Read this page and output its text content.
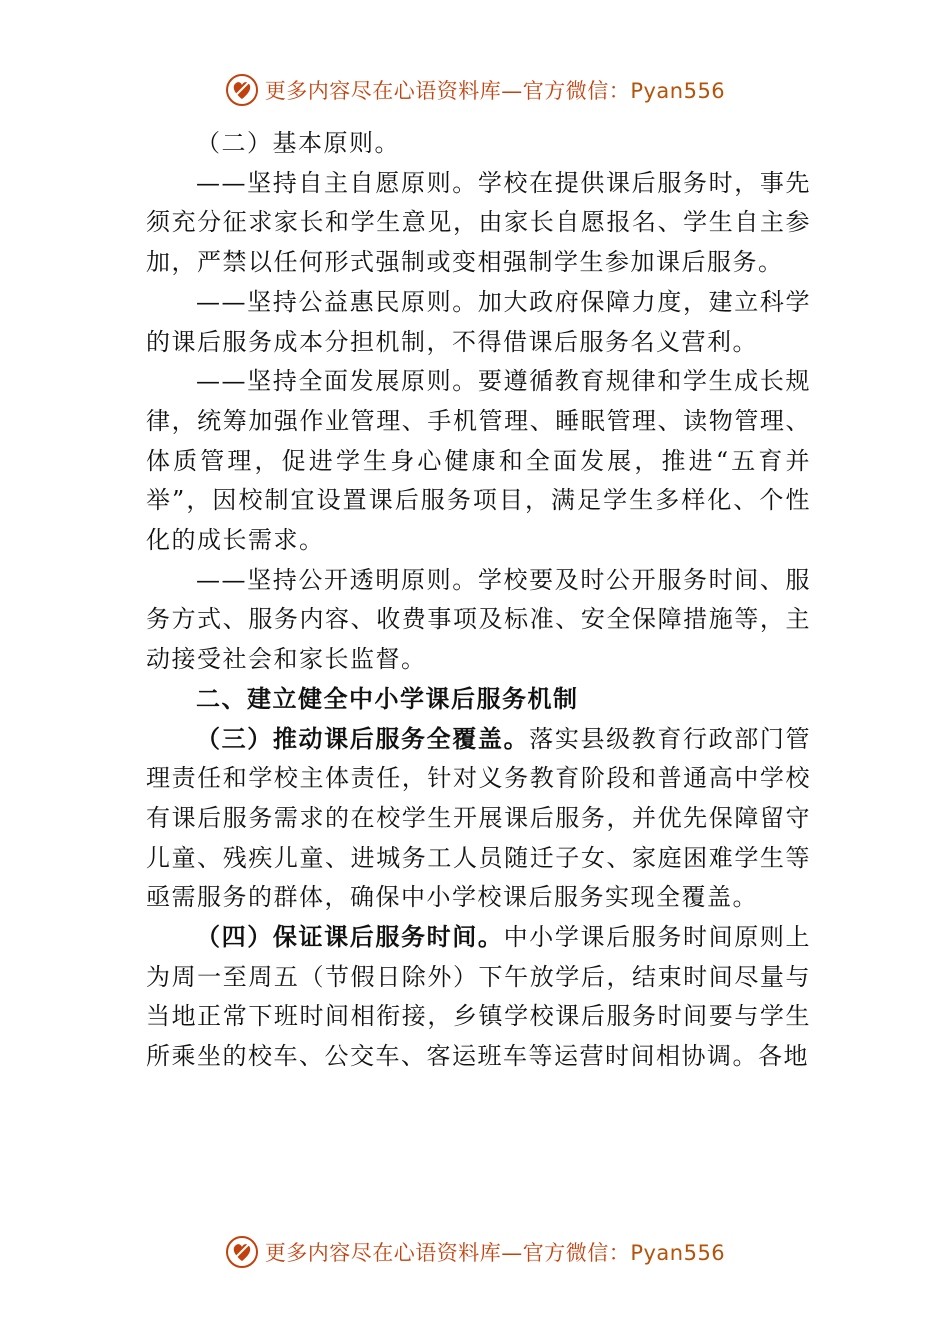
更多内容尽在心语资料库—官方微信：Pyan556

（二）基本原则。

——坚持自主自愿原则。学校在提供课后服务时，事先须充分征求家长和学生意见，由家长自愿报名、学生自主参加，严禁以任何形式强制或变相强制学生参加课后服务。

——坚持公益惠民原则。加大政府保障力度，建立科学的课后服务成本分担机制，不得借课后服务名义营利。

——坚持全面发展原则。要遵循教育规律和学生成长规律，统筹加强作业管理、手机管理、睡眠管理、读物管理、体质管理，促进学生身心健康和全面发展，推进“五育并举”，因校制宜设置课后服务项目，满足学生多样化、个性化的成长需求。

——坚持公开透明原则。学校要及时公开服务时间、服务方式、服务内容、收费事项及标准、安全保障措施等，主动接受社会和家长监督。

二、建立健全中小学课后服务机制

（三）推动课后服务全覆盖。落实县级教育行政部门管理责任和学校主体责任，针对义务教育阶段和普通高中学校有课后服务需求的在校学生开展课后服务，并优先保障留守儿童、残疾儿童、进城务工人员随迁子女、家庭困难学生等亟需服务的群体，确保中小学校课后服务实现全覆盖。

（四）保证课后服务时间。中小学课后服务时间原则上为周一至周五（节假日除外）下午放学后，结束时间尽量与当地正常下班时间相衔接，乡镇学校课后服务时间要与学生所乘坐的校车、公交车、客运班车等运营时间相协调。各地

更多内容尽在心语资料库—官方微信：Pyan556
